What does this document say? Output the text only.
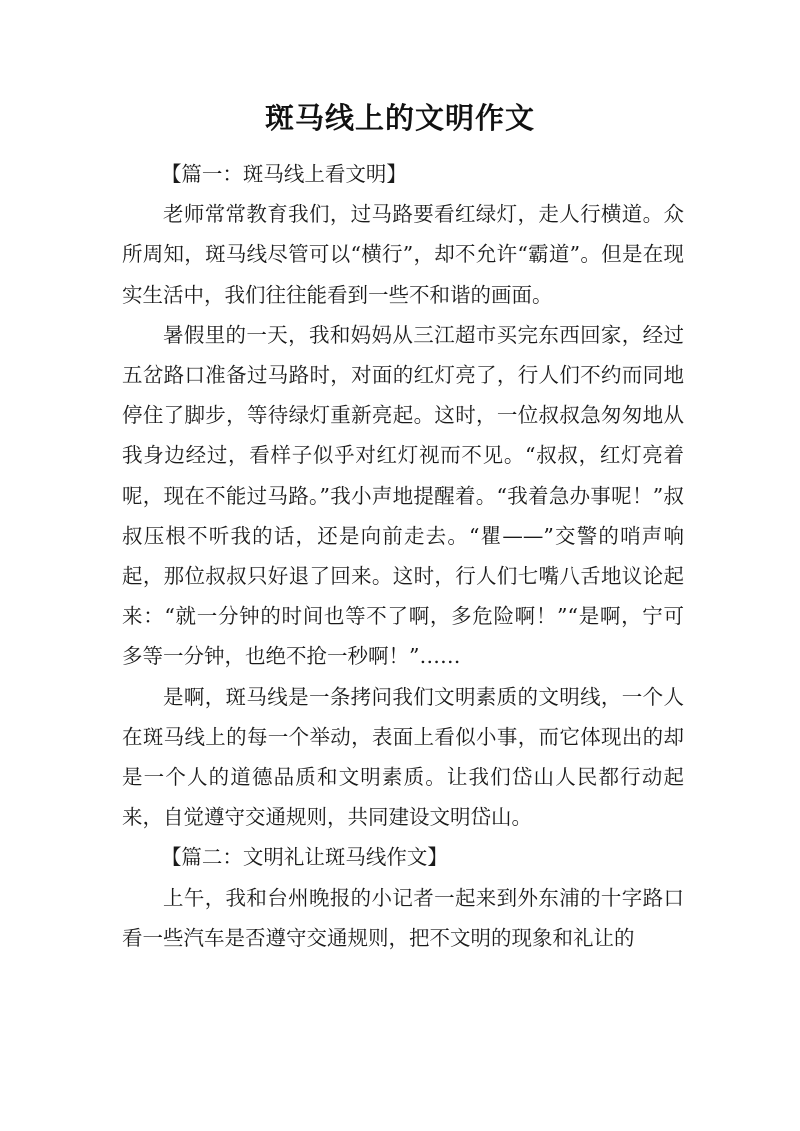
斑马线上的文明作文

【篇一：斑马线上看文明】

老师常常教育我们，过马路要看红绿灯，走人行横道。众所周知，斑马线尽管可以“横行”，却不允许“霸道”。但是在现实生活中，我们往往能看到一些不和谐的画面。

暑假里的一天，我和妈妈从三江超市买完东西回家，经过五岔路口准备过马路时，对面的红灯亮了，行人们不约而同地停住了脚步，等待绿灯重新亮起。这时，一位叔叔急匆匆地从我身边经过，看样子似乎对红灯视而不见。“叔叔，红灯亮着呢，现在不能过马路。”我小声地提醒着。“我着急办事呢！”叔叔压根不听我的话，还是向前走去。“瞿——”交警的哨声响起，那位叔叔只好退了回来。这时，行人们七嘴八舌地议论起来：“就一分钟的时间也等不了啊，多危险啊！”“是啊，宁可多等一分钟，也绝不抢一秒啊！”……

是啊，斑马线是一条拷问我们文明素质的文明线，一个人在斑马线上的每一个举动，表面上看似小事，而它体现出的却是一个人的道德品质和文明素质。让我们岱山人民都行动起来，自觉遵守交通规则，共同建设文明岱山。

【篇二：文明礼让斑马线作文】

上午，我和台州晚报的小记者一起来到外东浦的十字路口看一些汽车是否遵守交通规则，把不文明的现象和礼让的
